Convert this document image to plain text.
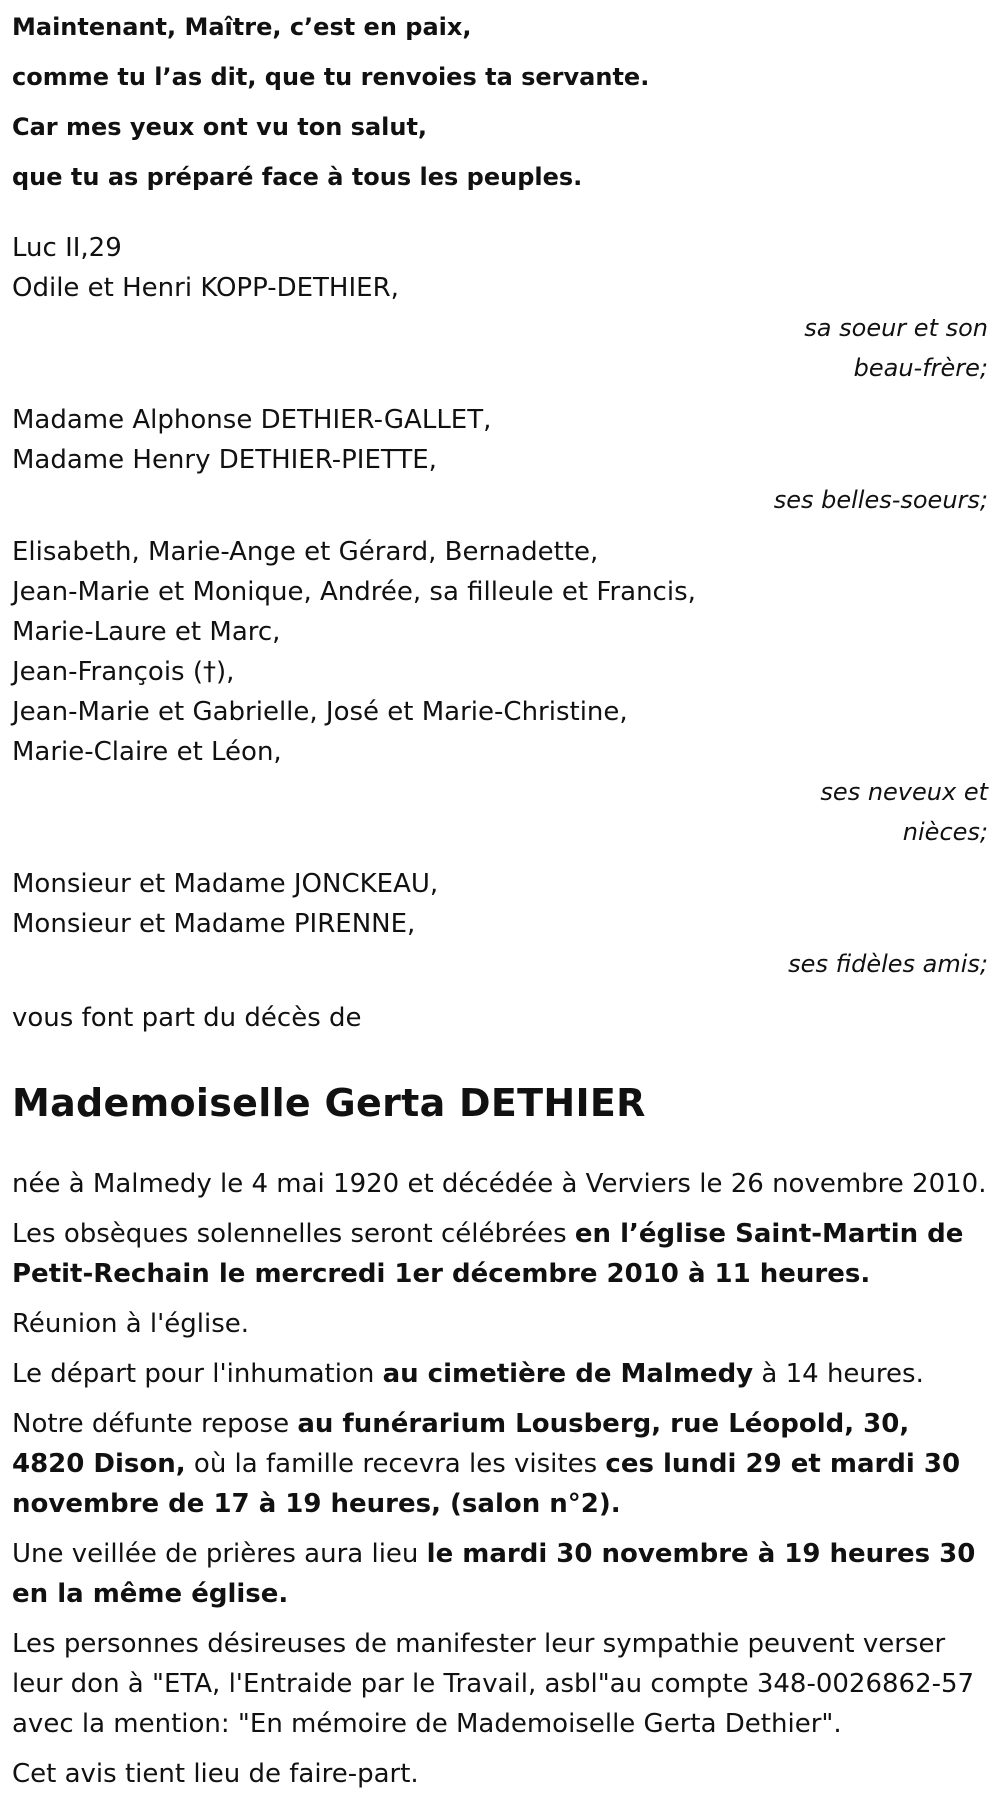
Maintenant, Maître, c’est en paix,

comme tu l’as dit, que tu renvoies ta servante.

Car mes yeux ont vu ton salut,

que tu as préparé face à tous les peuples.

Luc II,29

Odile et Henri KOPP-DETHIER,

sa soeur et son
beau-frère;

Madame Alphonse DETHIER-GALLET,

Madame Henry DETHIER-PIETTE,

ses belles-soeurs;

Elisabeth, Marie-Ange et Gérard, Bernadette,

Jean-Marie et Monique, Andrée, sa filleule et Francis,

Marie-Laure et Marc,

Jean-François (†),

Jean-Marie et Gabrielle, José et Marie-Christine,

Marie-Claire et Léon,

ses neveux et
nièces;

Monsieur et Madame JONCKEAU,

Monsieur et Madame PIRENNE,

ses fidèles amis;

vous font part du décès de

Mademoiselle Gerta DETHIER

née à Malmedy le 4 mai 1920 et décédée à Verviers le 26 novembre 2010.

Les obsèques solennelles seront célébrées en l’église Saint-Martin de Petit-Rechain le mercredi 1er décembre 2010 à 11 heures.

Réunion à l'église.

Le départ pour l'inhumation au cimetière de Malmedy à 14 heures.

Notre défunte repose au funérarium Lousberg, rue Léopold, 30, 4820 Dison, où la famille recevra les visites ces lundi 29 et mardi 30 novembre de 17 à 19 heures, (salon n°2).

Une veillée de prières aura lieu le mardi 30 novembre à 19 heures 30 en la même église.

Les personnes désireuses de manifester leur sympathie peuvent verser leur don à "ETA, l'Entraide par le Travail, asbl"au compte 348-0026862-57 avec la mention: "En mémoire de Mademoiselle Gerta Dethier".

Cet avis tient lieu de faire-part.
